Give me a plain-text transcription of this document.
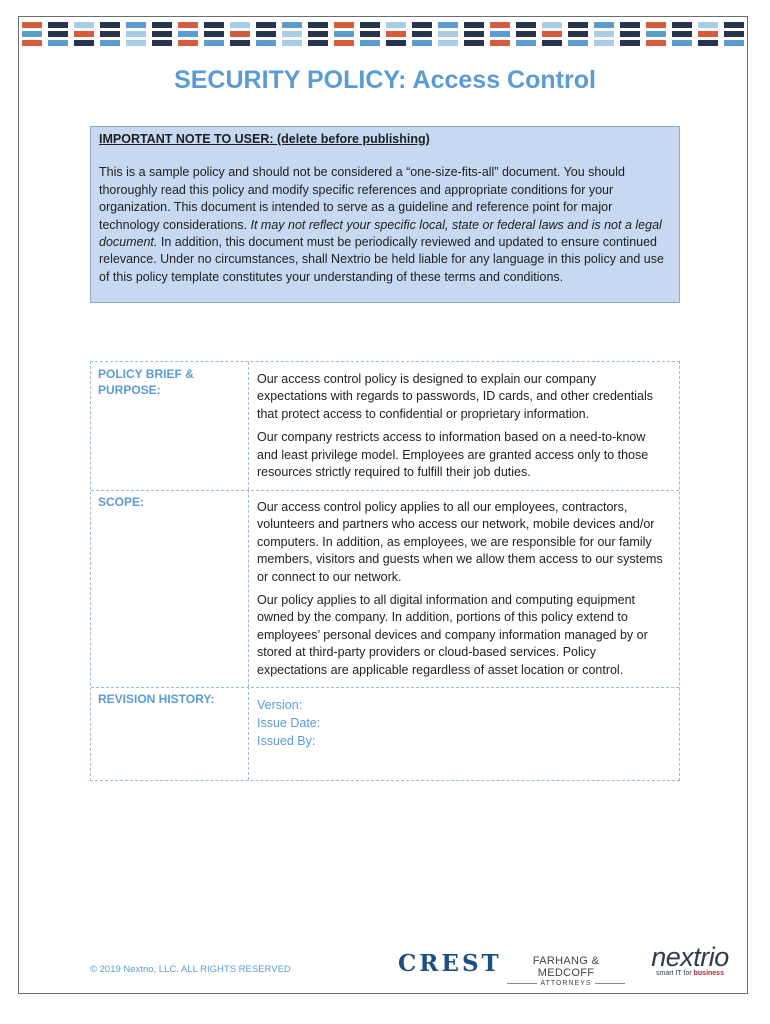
SECURITY POLICY: Access Control

IMPORTANT NOTE TO USER: (delete before publishing)

This is a sample policy and should not be considered a “one-size-fits-all” document. You should thoroughly read this policy and modify specific references and appropriate conditions for your organization. This document is intended to serve as a guideline and reference point for major technology considerations. It may not reflect your specific local, state or federal laws and is not a legal document. In addition, this document must be periodically reviewed and updated to ensure continued relevance. Under no circumstances, shall Nextrio be held liable for any language in this policy and use of this policy template constitutes your understanding of these terms and conditions.

POLICY BRIEF & PURPOSE:

Our access control policy is designed to explain our company expectations with regards to passwords, ID cards, and other credentials that protect access to confidential or proprietary information.

Our company restricts access to information based on a need-to-know and least privilege model. Employees are granted access only to those resources strictly required to fulfill their job duties.

SCOPE:	Our access control policy applies to all our employees, contractors, volunteers and partners who access our network, mobile devices and/or computers. In addition, as employees, we are responsible for our family members, visitors and guests when we allow them access to our systems or connect to our network.

Our policy applies to all digital information and computing equipment owned by the company. In addition, portions of this policy extend to employees’ personal devices and company information managed by or stored at third-party providers or cloud-based services. Policy expectations are applicable regardless of asset location or control.

REVISION HISTORY:	Version:
Issue Date:
Issued By:
© 2019 Nextrio, LLC. ALL RIGHTS RESERVED	CREST	FARHANG & MEDCOFF
ATTORNEYS
nextrio
smart IT for business
